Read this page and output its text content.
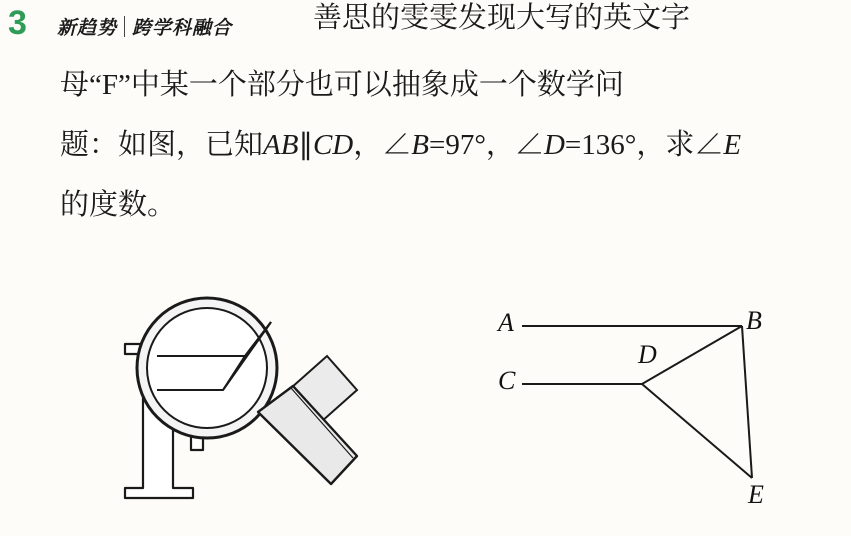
3	新趋势 跨学科融合	善思的雯雯发现大写的英文字
母“F”中某一个部分也可以抽象成一个数学问
题：如图，已知AB∥CD，∠B=97°，∠D=136°，求∠E
的度数。
A	B
C
D
E
